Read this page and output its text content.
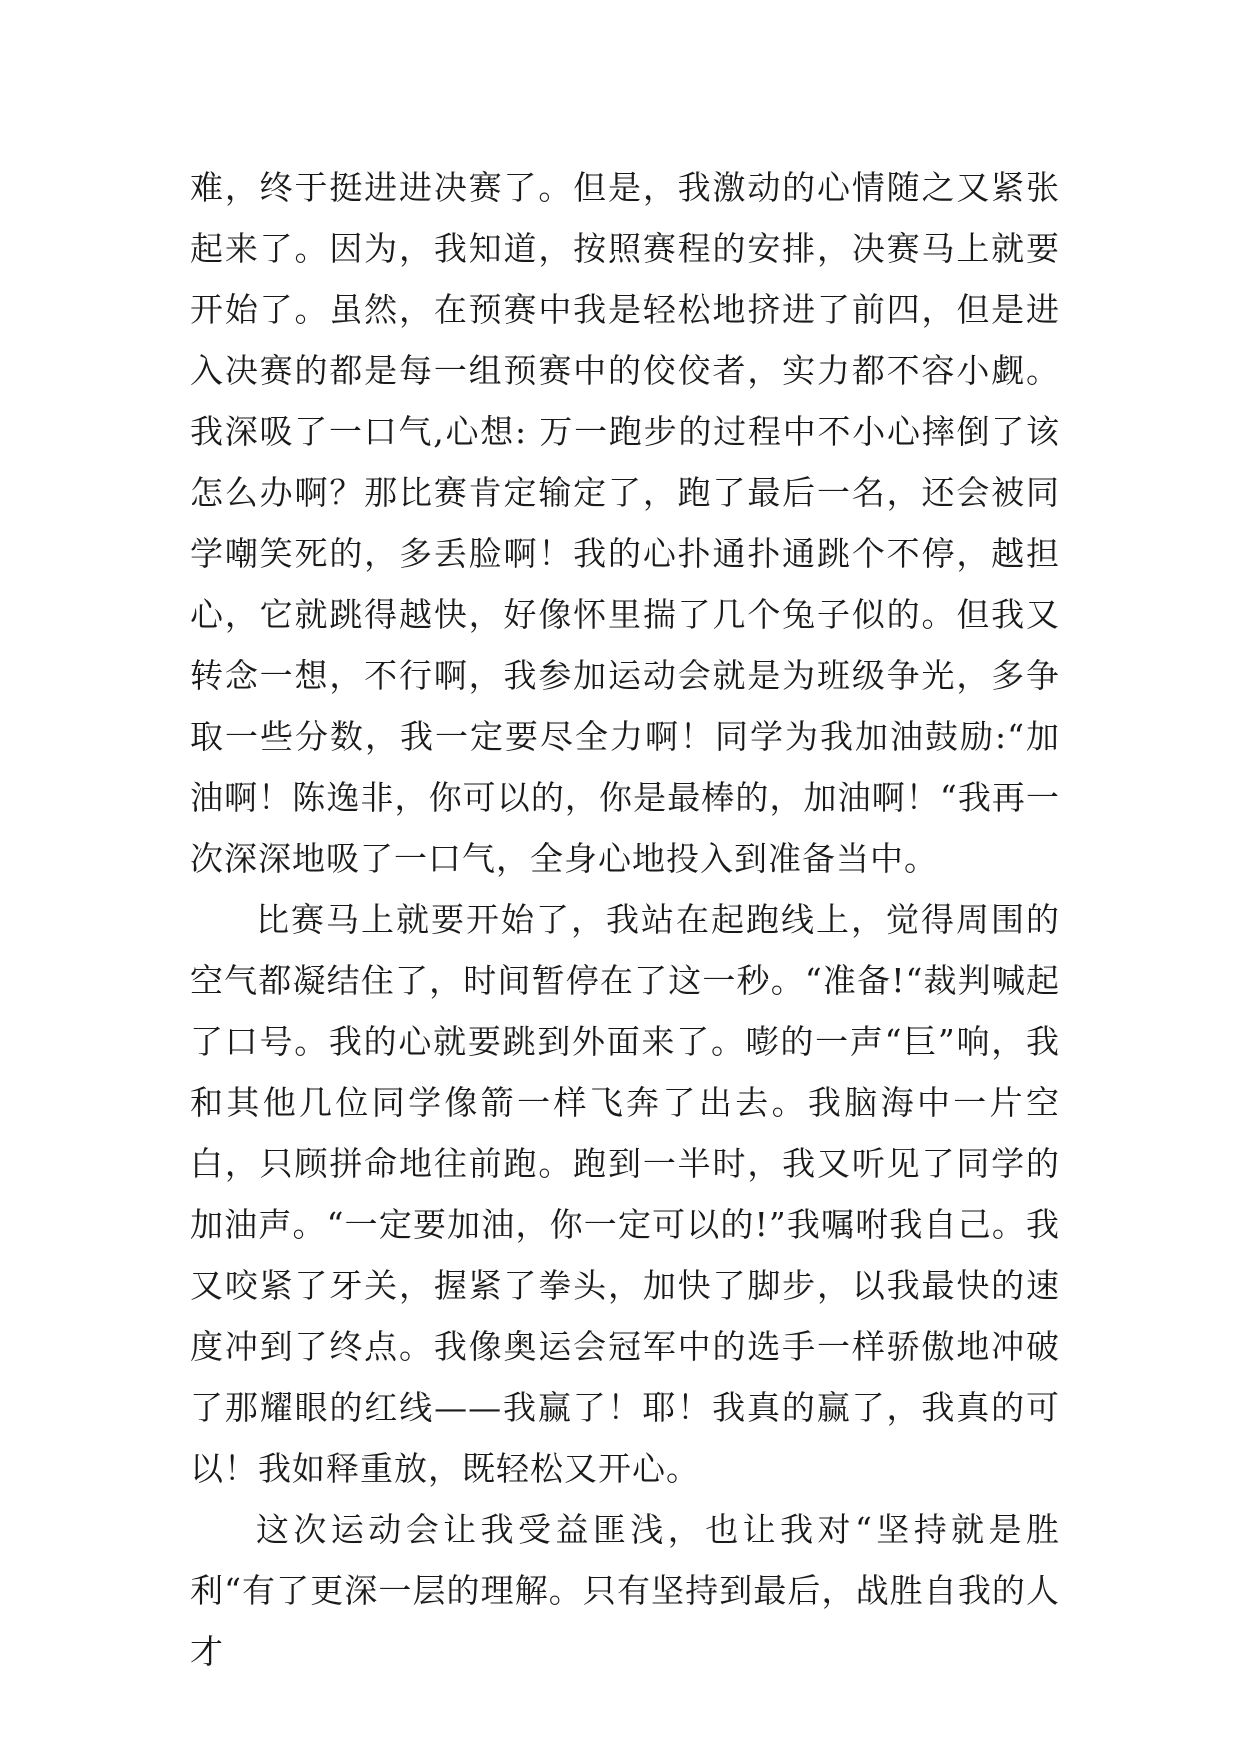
难，终于挺进进决赛了。但是，我激动的心情随之又紧张起来了。因为，我知道，按照赛程的安排，决赛马上就要开始了。虽然，在预赛中我是轻松地挤进了前四，但是进入决赛的都是每一组预赛中的佼佼者，实力都不容小觑。我深吸了一口气,心想: 万一跑步的过程中不小心摔倒了该怎么办啊？那比赛肯定输定了，跑了最后一名，还会被同学嘲笑死的，多丢脸啊！我的心扑通扑通跳个不停，越担心，它就跳得越快，好像怀里揣了几个兔子似的。但我又转念一想，不行啊，我参加运动会就是为班级争光，多争取一些分数，我一定要尽全力啊！同学为我加油鼓励:“加油啊！陈逸非，你可以的，你是最棒的，加油啊！“我再一次深深地吸了一口气，全身心地投入到准备当中。

比赛马上就要开始了，我站在起跑线上，觉得周围的空气都凝结住了，时间暂停在了这一秒。“准备!“裁判喊起了口号。我的心就要跳到外面来了。嘭的一声“巨”响，我和其他几位同学像箭一样飞奔了出去。我脑海中一片空白，只顾拼命地往前跑。跑到一半时，我又听见了同学的加油声。“一定要加油，你一定可以的!”我嘱咐我自己。我又咬紧了牙关，握紧了拳头，加快了脚步，以我最快的速度冲到了终点。我像奥运会冠军中的选手一样骄傲地冲破了那耀眼的红线——我赢了！耶！我真的赢了，我真的可以！我如释重放，既轻松又开心。

这次运动会让我受益匪浅，也让我对“坚持就是胜利“有了更深一层的理解。只有坚持到最后，战胜自我的人才
